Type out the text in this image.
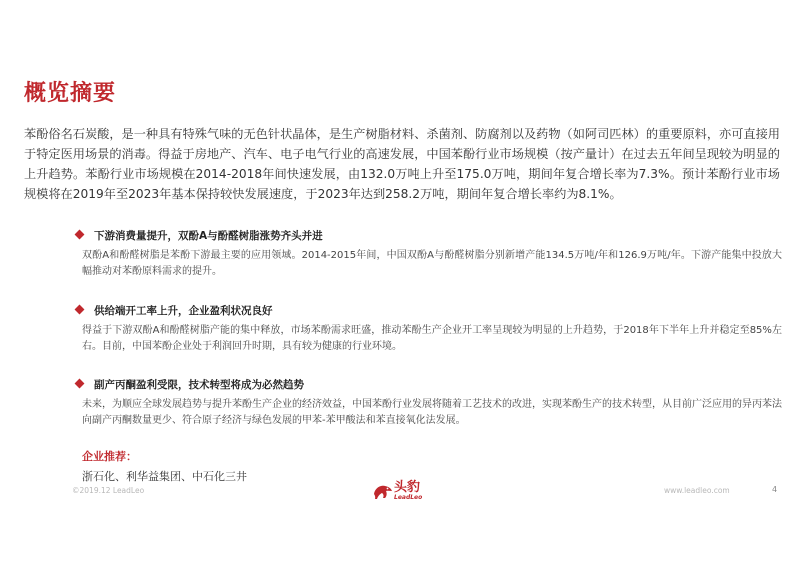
概览摘要
苯酚俗名石炭酸，是一种具有特殊气味的无色针状晶体，是生产树脂材料、杀菌剂、防腐剂以及药物（如阿司匹林）的重要原料，亦可直接用于特定医用场景的消毒。得益于房地产、汽车、电子电气行业的高速发展，中国苯酚行业市场规模（按产量计）在过去五年间呈现较为明显的上升趋势。苯酚行业市场规模在2014-2018年间快速发展，由132.0万吨上升至175.0万吨，期间年复合增长率为7.3%。预计苯酚行业市场规模将在2019年至2023年基本保持较快发展速度，于2023年达到258.2万吨，期间年复合增长率约为8.1%。
下游消费量提升，双酚A与酚醛树脂涨势齐头并进
双酚A和酚醛树脂是苯酚下游最主要的应用领域。2014-2015年间，中国双酚A与酚醛树脂分别新增产能134.5万吨/年和126.9万吨/年。下游产能集中投放大幅推动对苯酚原料需求的提升。
供给端开工率上升，企业盈利状况良好
得益于下游双酚A和酚醛树脂产能的集中释放，市场苯酚需求旺盛，推动苯酚生产企业开工率呈现较为明显的上升趋势，于2018年下半年上升并稳定至85%左右。目前，中国苯酚企业处于利润回升时期，具有较为健康的行业环境。
副产丙酮盈利受限，技术转型将成为必然趋势
未来，为顺应全球发展趋势与提升苯酚生产企业的经济效益，中国苯酚行业发展将随着工艺技术的改进，实现苯酚生产的技术转型，从目前广泛应用的异丙苯法向副产丙酮数量更少、符合原子经济与绿色发展的甲苯-苯甲酸法和苯直接氧化法发展。
企业推荐：
浙石化、利华益集团、中石化三井
©2019.12 LeadLeo	头豹
LeadLeo
www.leadleo.com	4
